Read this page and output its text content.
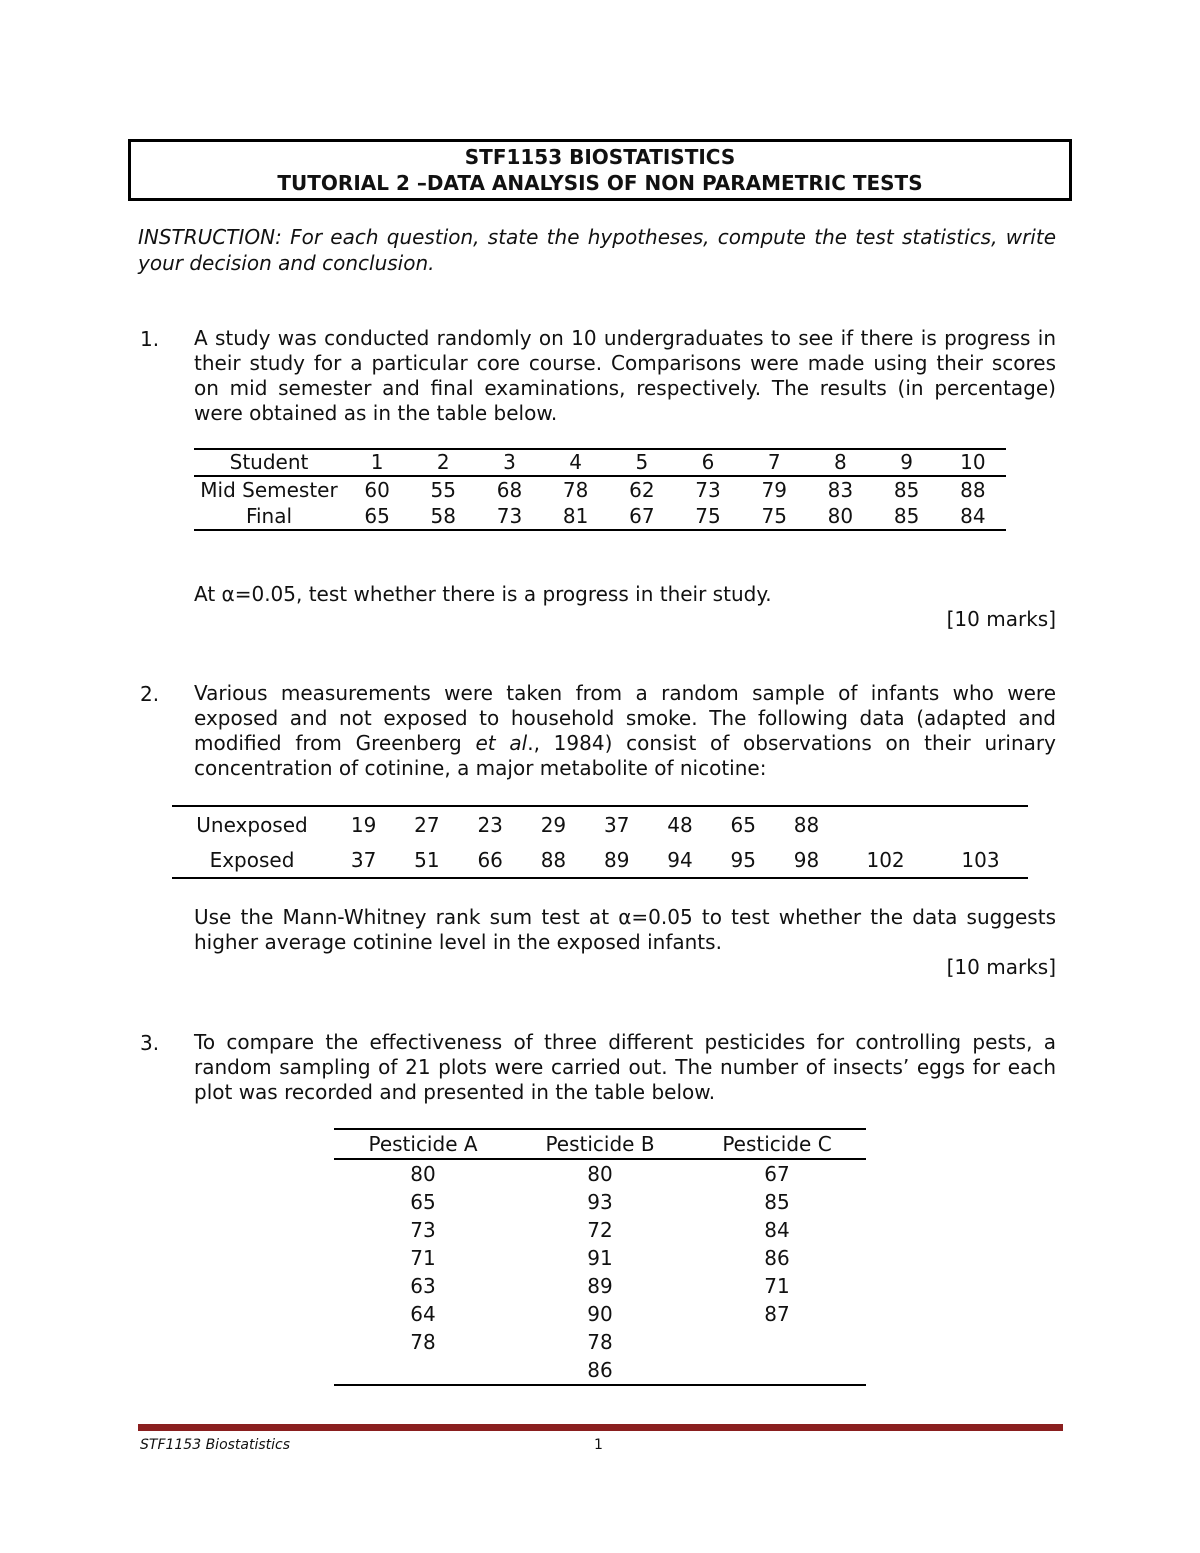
STF1153 BIOSTATISTICS
TUTORIAL 2 –DATA ANALYSIS OF NON PARAMETRIC TESTS
INSTRUCTION: For each question, state the hypotheses, compute the test statistics, write your decision and conclusion.
1. A study was conducted randomly on 10 undergraduates to see if there is progress in their study for a particular core course. Comparisons were made using their scores on mid semester and final examinations, respectively. The results (in percentage) were obtained as in the table below.
Student	1	2	3	4	5	6	7	8	9	10
Mid Semester	60	55	68	78	62	73	79	83	85	88
Final	65	58	73	81	67	75	75	80	85	84
At α=0.05, test whether there is a progress in their study.
[10 marks]
2. Various measurements were taken from a random sample of infants who were exposed and not exposed to household smoke. The following data (adapted and modified from Greenberg et al., 1984) consist of observations on their urinary concentration of cotinine, a major metabolite of nicotine:
Unexposed	19	27	23	29	37	48	65	88		
Exposed	37	51	66	88	89	94	95	98	102	103
Use the Mann-Whitney rank sum test at α=0.05 to test whether the data suggests higher average cotinine level in the exposed infants.
[10 marks]
3. To compare the effectiveness of three different pesticides for controlling pests, a random sampling of 21 plots were carried out. The number of insects’ eggs for each plot was recorded and presented in the table below.
Pesticide A	Pesticide B	Pesticide C
80	80	67
65	93	85
73	72	84
71	91	86
63	89	71
64	90	87
78	78	
	86	
STF1153 Biostatistics	1
